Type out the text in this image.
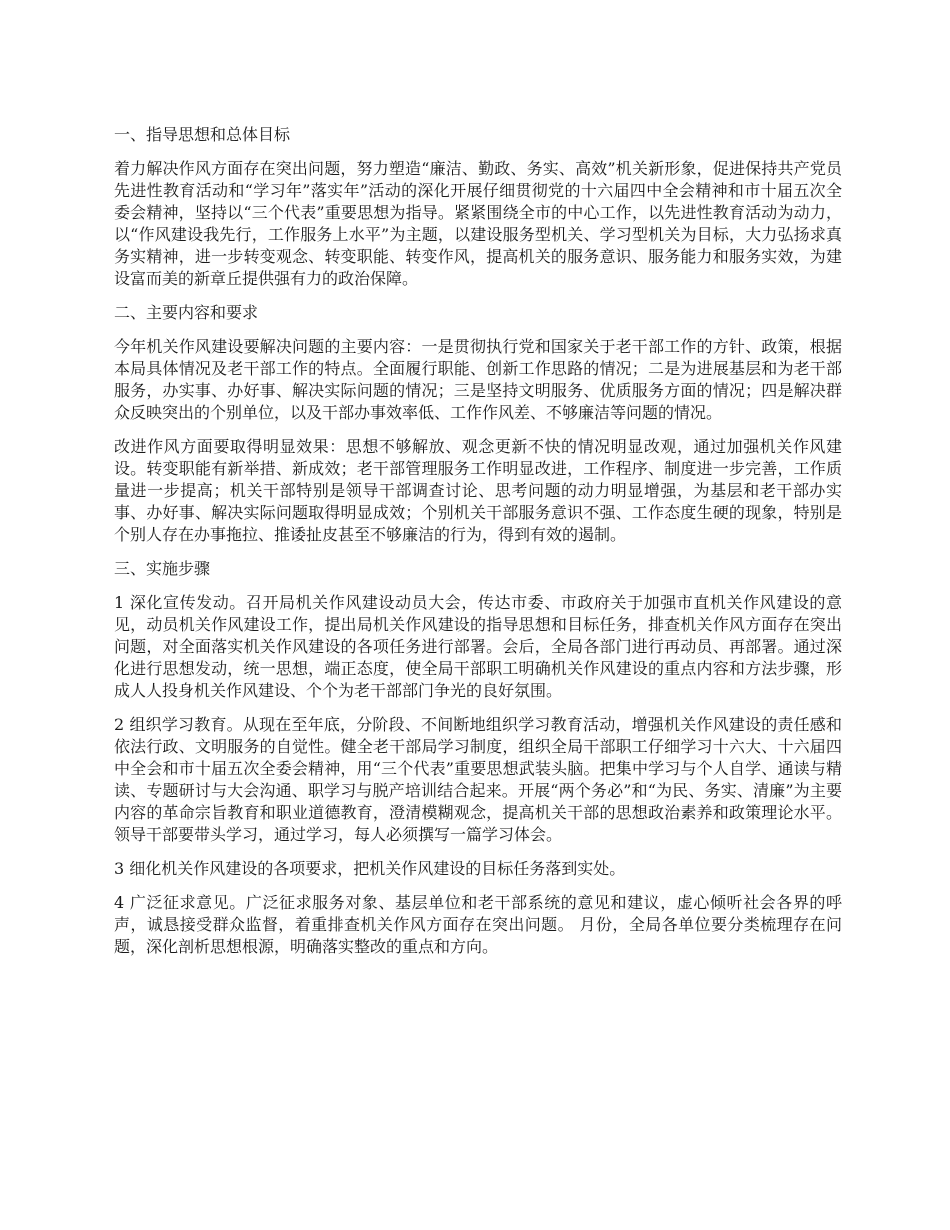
一、指导思想和总体目标

着力解决作风方面存在突出问题，努力塑造“廉洁、勤政、务实、高效”机关新形象，促进保持共产党员先进性教育活动和“学习年”落实年”活动的深化开展仔细贯彻党的十六届四中全会精神和市十届五次全委会精神，坚持以“三个代表”重要思想为指导。紧紧围绕全市的中心工作，以先进性教育活动为动力，以“作风建设我先行，工作服务上水平”为主题，以建设服务型机关、学习型机关为目标，大力弘扬求真务实精神，进一步转变观念、转变职能、转变作风，提高机关的服务意识、服务能力和服务实效，为建设富而美的新章丘提供强有力的政治保障。

二、主要内容和要求

今年机关作风建设要解决问题的主要内容：一是贯彻执行党和国家关于老干部工作的方针、政策，根据本局具体情况及老干部工作的特点。全面履行职能、创新工作思路的情况；二是为进展基层和为老干部服务，办实事、办好事、解决实际问题的情况；三是坚持文明服务、优质服务方面的情况；四是解决群众反映突出的个别单位，以及干部办事效率低、工作作风差、不够廉洁等问题的情况。

改进作风方面要取得明显效果：思想不够解放、观念更新不快的情况明显改观，通过加强机关作风建设。转变职能有新举措、新成效；老干部管理服务工作明显改进，工作程序、制度进一步完善，工作质量进一步提高；机关干部特别是领导干部调查讨论、思考问题的动力明显增强，为基层和老干部办实事、办好事、解决实际问题取得明显成效；个别机关干部服务意识不强、工作态度生硬的现象，特别是个别人存在办事拖拉、推诿扯皮甚至不够廉洁的行为，得到有效的遏制。

三、实施步骤

1 深化宣传发动。召开局机关作风建设动员大会，传达市委、市政府关于加强市直机关作风建设的意见，动员机关作风建设工作，提出局机关作风建设的指导思想和目标任务，排查机关作风方面存在突出问题，对全面落实机关作风建设的各项任务进行部署。会后，全局各部门进行再动员、再部署。通过深化进行思想发动，统一思想，端正态度，使全局干部职工明确机关作风建设的重点内容和方法步骤，形成人人投身机关作风建设、个个为老干部部门争光的良好氛围。

2 组织学习教育。从现在至年底，分阶段、不间断地组织学习教育活动，增强机关作风建设的责任感和依法行政、文明服务的自觉性。健全老干部局学习制度，组织全局干部职工仔细学习十六大、十六届四中全会和市十届五次全委会精神，用“三个代表”重要思想武装头脑。把集中学习与个人自学、通读与精读、专题研讨与大会沟通、职学习与脱产培训结合起来。开展“两个务必”和“为民、务实、清廉”为主要内容的革命宗旨教育和职业道德教育，澄清模糊观念，提高机关干部的思想政治素养和政策理论水平。领导干部要带头学习，通过学习，每人必须撰写一篇学习体会。

3 细化机关作风建设的各项要求，把机关作风建设的目标任务落到实处。

4 广泛征求意见。广泛征求服务对象、基层单位和老干部系统的意见和建议，虚心倾听社会各界的呼声，诚恳接受群众监督，着重排查机关作风方面存在突出问题。 月份，全局各单位要分类梳理存在问题，深化剖析思想根源，明确落实整改的重点和方向。
